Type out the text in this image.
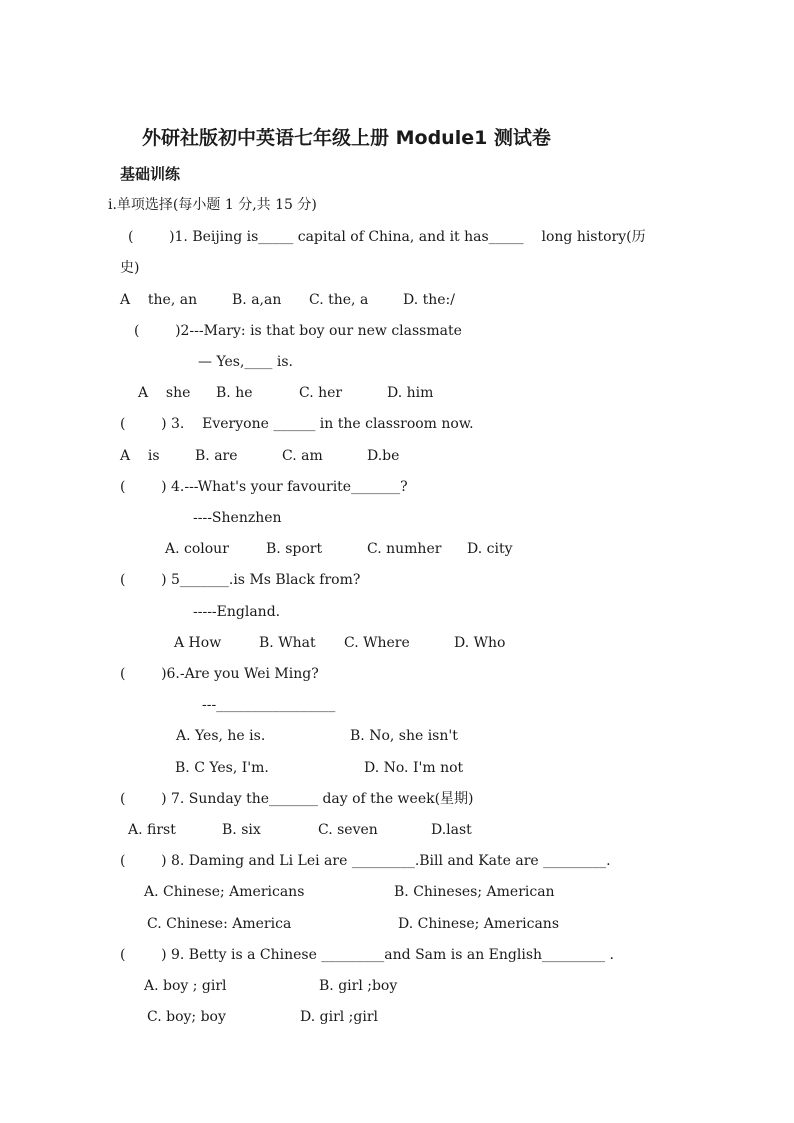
外研社版初中英语七年级上册 Module1 测试卷
基础训练
i.单项选择(每小题 1 分,共 15 分)
(        )1. Beijing is_____ capital of China, and it has_____    long history(历
史)
A    the, an B. a,an C. the, a D. the:/
(        )2---Mary: is that boy our new classmate
— Yes,____ is.
A    she B. he	C. her	D. him
(        ) 3.    Everyone ______ in the classroom now.
A    is	B. are	C. am	D.be
(        ) 4.---What's your favourite_______?
----Shenzhen
A. colour	B. sport	C. numher D. city
(        ) 5_______.is Ms Black from?
-----England.
A How	B. What C. Where	D. Who
(        )6.-Are you Wei Ming?
---_________________
A. Yes, he is.	B. No, she isn't
B. C Yes, I'm.	D. No. I'm not
(        ) 7. Sunday the_______ day of the week(星期)
A. first	B. six	C. seven	D.last
(        ) 8. Daming and Li Lei are _________.Bill and Kate are _________.
A. Chinese; Americans	B. Chineses; American
C. Chinese: America	D. Chinese; Americans
(        ) 9. Betty is a Chinese _________and Sam is an English_________ .
A. boy ; girl	B. girl ;boy
C. boy; boy	D. girl ;girl
